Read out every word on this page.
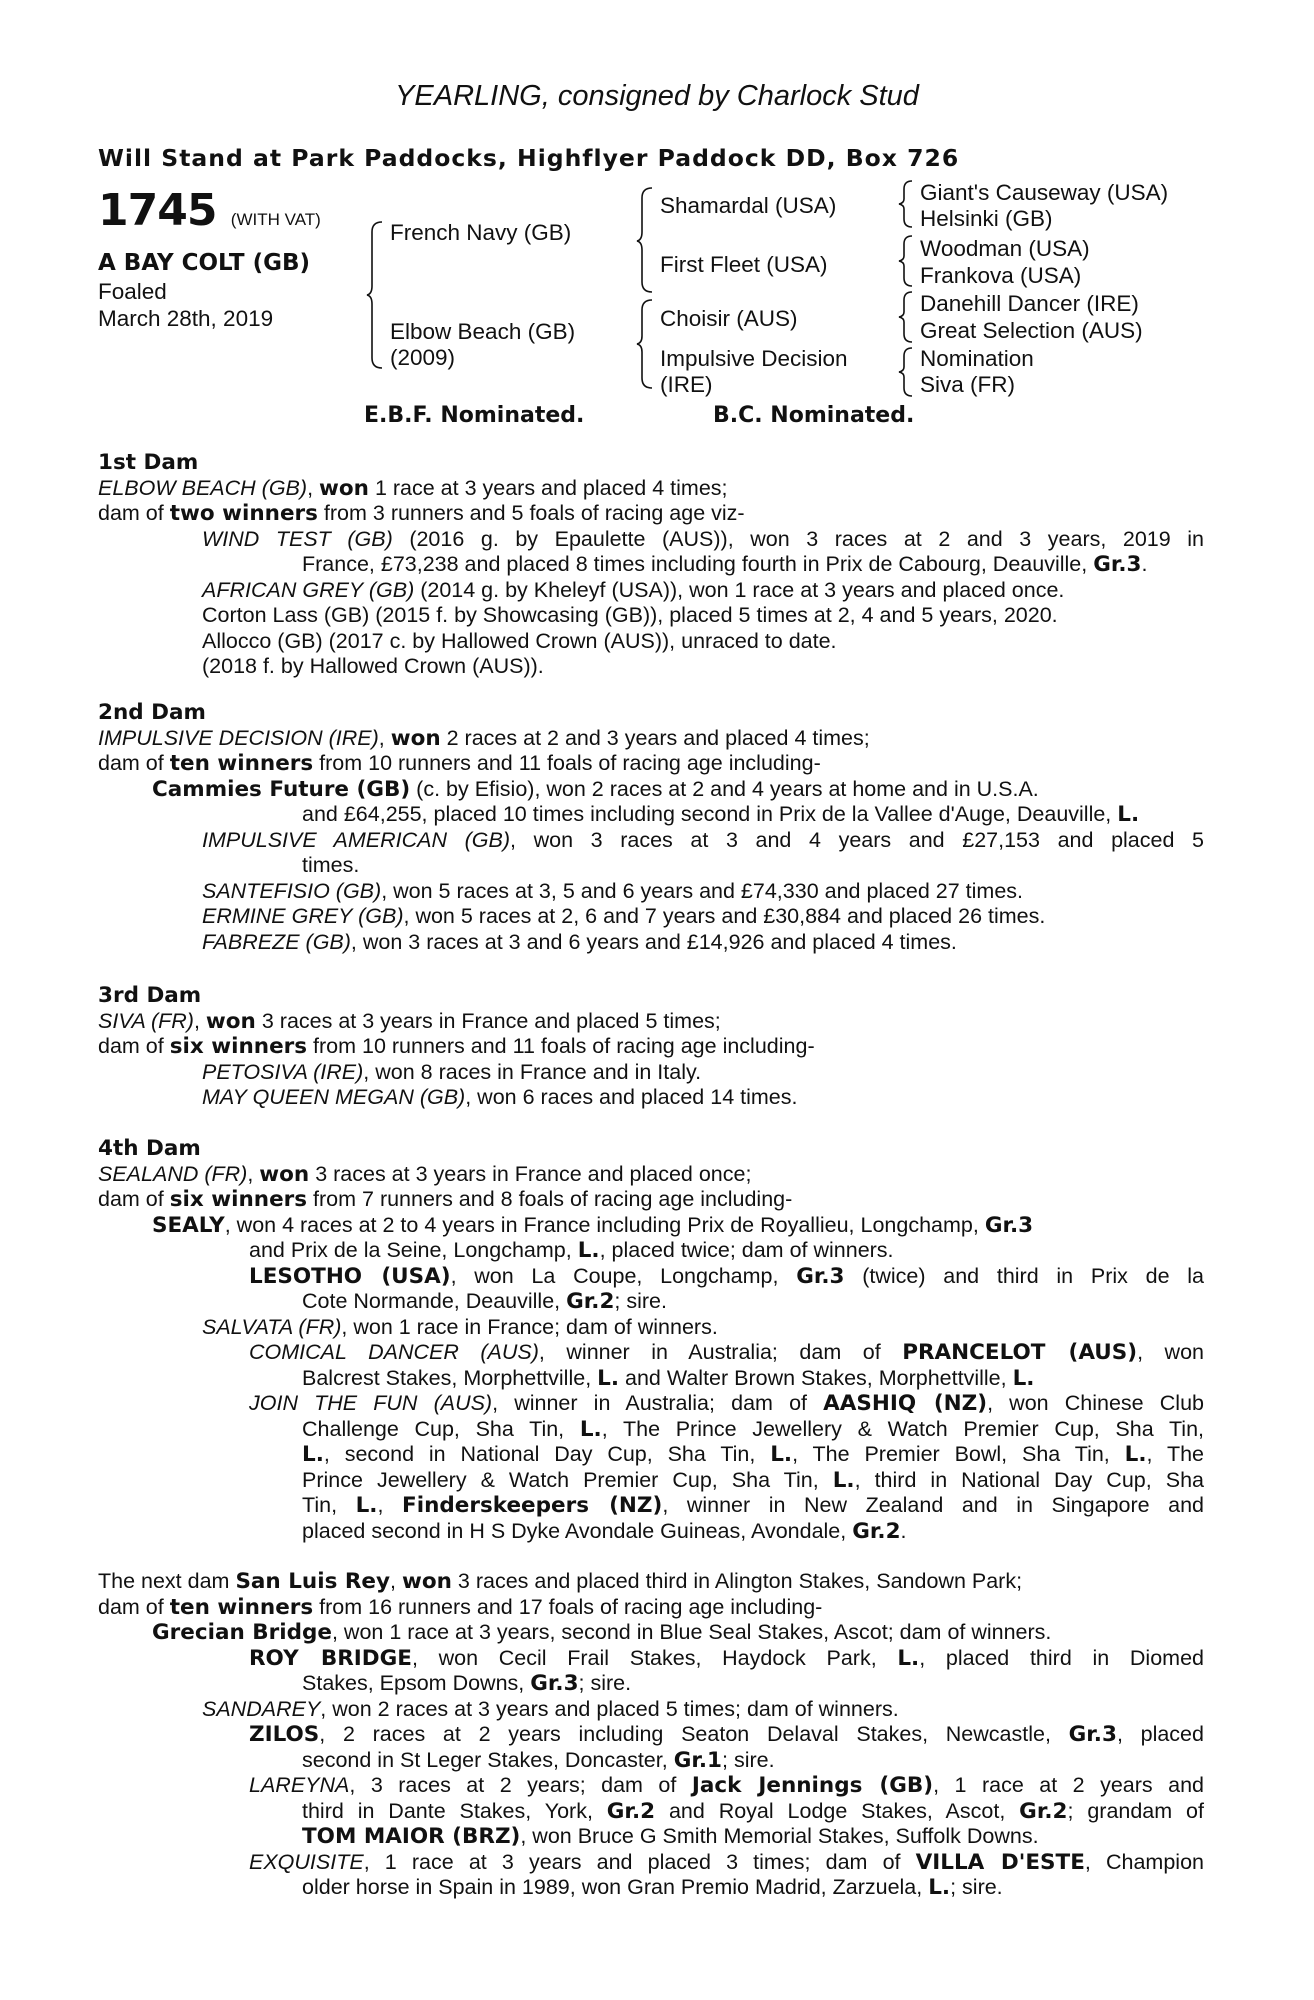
YEARLING, consigned by Charlock Stud
Will Stand at Park Paddocks, Highflyer Paddock DD, Box 726
1745 (WITH VAT)
A BAY COLT (GB)
Foaled
March 28th, 2019
French Navy (GB)
Elbow Beach (GB)
(2009)
Shamardal (USA)
First Fleet (USA)
Choisir (AUS)
Impulsive Decision
(IRE)
Giant's Causeway (USA)
Helsinki (GB)
Woodman (USA)
Frankova (USA)
Danehill Dancer (IRE)
Great Selection (AUS)
Nomination
Siva (FR)
E.B.F. Nominated.	B.C. Nominated.
1st Dam
ELBOW BEACH (GB), won 1 race at 3 years and placed 4 times;
dam of two winners from 3 runners and 5 foals of racing age viz-
WIND TEST (GB) (2016 g. by Epaulette (AUS)), won 3 races at 2 and 3 years, 2019 in
France, £73,238 and placed 8 times including fourth in Prix de Cabourg, Deauville, Gr.3.
AFRICAN GREY (GB) (2014 g. by Kheleyf (USA)), won 1 race at 3 years and placed once.
Corton Lass (GB) (2015 f. by Showcasing (GB)), placed 5 times at 2, 4 and 5 years, 2020.
Allocco (GB) (2017 c. by Hallowed Crown (AUS)), unraced to date.
(2018 f. by Hallowed Crown (AUS)).
2nd Dam
IMPULSIVE DECISION (IRE), won 2 races at 2 and 3 years and placed 4 times;
dam of ten winners from 10 runners and 11 foals of racing age including-
Cammies Future (GB) (c. by Efisio), won 2 races at 2 and 4 years at home and in U.S.A.
and £64,255, placed 10 times including second in Prix de la Vallee d'Auge, Deauville, L.
IMPULSIVE AMERICAN (GB), won 3 races at 3 and 4 years and £27,153 and placed 5
times.
SANTEFISIO (GB), won 5 races at 3, 5 and 6 years and £74,330 and placed 27 times.
ERMINE GREY (GB), won 5 races at 2, 6 and 7 years and £30,884 and placed 26 times.
FABREZE (GB), won 3 races at 3 and 6 years and £14,926 and placed 4 times.
3rd Dam
SIVA (FR), won 3 races at 3 years in France and placed 5 times;
dam of six winners from 10 runners and 11 foals of racing age including-
PETOSIVA (IRE), won 8 races in France and in Italy.
MAY QUEEN MEGAN (GB), won 6 races and placed 14 times.
4th Dam
SEALAND (FR), won 3 races at 3 years in France and placed once;
dam of six winners from 7 runners and 8 foals of racing age including-
SEALY, won 4 races at 2 to 4 years in France including Prix de Royallieu, Longchamp, Gr.3
and Prix de la Seine, Longchamp, L., placed twice; dam of winners.
LESOTHO (USA), won La Coupe, Longchamp, Gr.3 (twice) and third in Prix de la
Cote Normande, Deauville, Gr.2; sire.
SALVATA (FR), won 1 race in France; dam of winners.
COMICAL DANCER (AUS), winner in Australia; dam of PRANCELOT (AUS), won
Balcrest Stakes, Morphettville, L. and Walter Brown Stakes, Morphettville, L.
JOIN THE FUN (AUS), winner in Australia; dam of AASHIQ (NZ), won Chinese Club
Challenge Cup, Sha Tin, L., The Prince Jewellery & Watch Premier Cup, Sha Tin,
L., second in National Day Cup, Sha Tin, L., The Premier Bowl, Sha Tin, L., The
Prince Jewellery & Watch Premier Cup, Sha Tin, L., third in National Day Cup, Sha
Tin, L., Finderskeepers (NZ), winner in New Zealand and in Singapore and
placed second in H S Dyke Avondale Guineas, Avondale, Gr.2.
The next dam San Luis Rey, won 3 races and placed third in Alington Stakes, Sandown Park;
dam of ten winners from 16 runners and 17 foals of racing age including-
Grecian Bridge, won 1 race at 3 years, second in Blue Seal Stakes, Ascot; dam of winners.
ROY BRIDGE, won Cecil Frail Stakes, Haydock Park, L., placed third in Diomed
Stakes, Epsom Downs, Gr.3; sire.
SANDAREY, won 2 races at 3 years and placed 5 times; dam of winners.
ZILOS, 2 races at 2 years including Seaton Delaval Stakes, Newcastle, Gr.3, placed
second in St Leger Stakes, Doncaster, Gr.1; sire.
LAREYNA, 3 races at 2 years; dam of Jack Jennings (GB), 1 race at 2 years and
third in Dante Stakes, York, Gr.2 and Royal Lodge Stakes, Ascot, Gr.2; grandam of
TOM MAIOR (BRZ), won Bruce G Smith Memorial Stakes, Suffolk Downs.
EXQUISITE, 1 race at 3 years and placed 3 times; dam of VILLA D'ESTE, Champion
older horse in Spain in 1989, won Gran Premio Madrid, Zarzuela, L.; sire.
